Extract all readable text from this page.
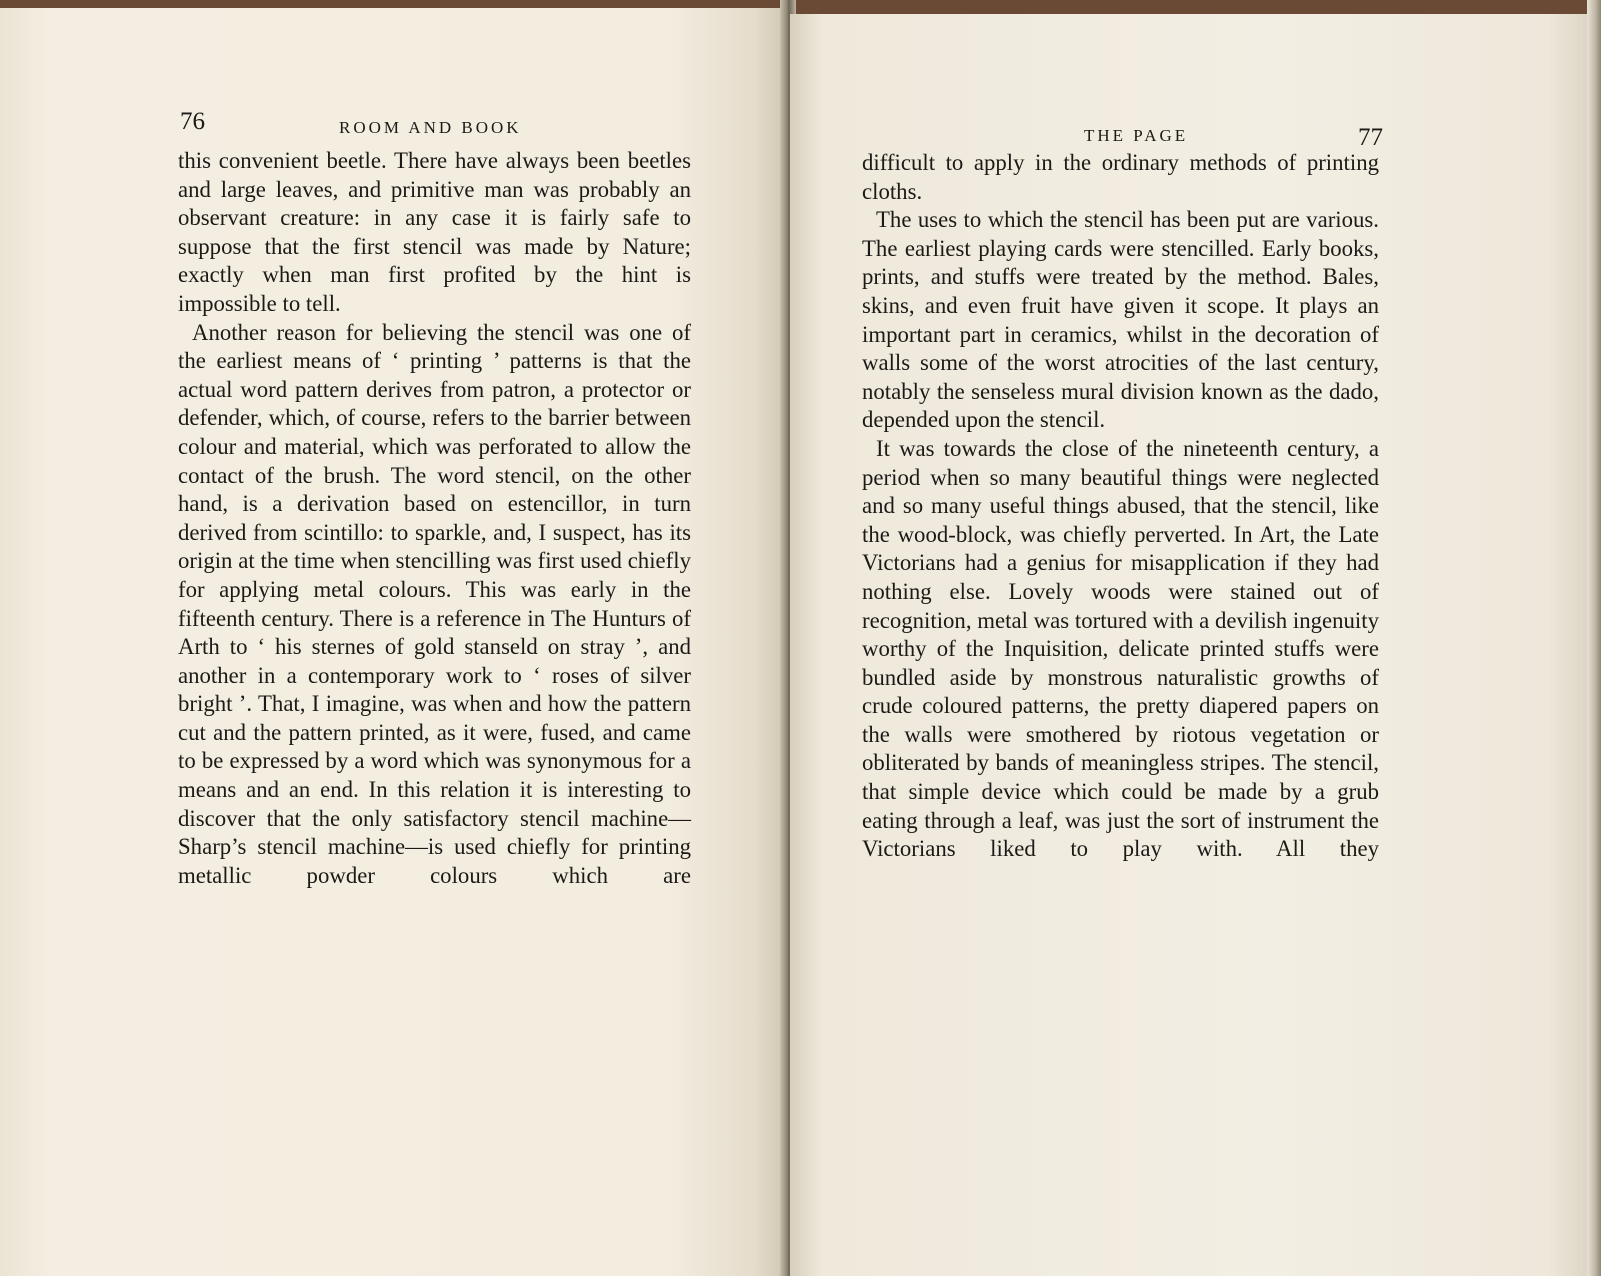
76	ROOM AND BOOK

this convenient beetle. There have always been beetles and large leaves, and primitive man was probably an observant creature: in any case it is fairly safe to suppose that the first stencil was made by Nature; exactly when man first profited by the hint is impossible to tell.

Another reason for believing the stencil was one of the earliest means of ‘ printing ’ patterns is that the actual word pattern derives from patron, a protector or defender, which, of course, refers to the barrier between colour and material, which was perforated to allow the contact of the brush. The word stencil, on the other hand, is a derivation based on estencillor, in turn derived from scintillo: to sparkle, and, I suspect, has its origin at the time when stencilling was first used chiefly for applying metal colours. This was early in the fifteenth century. There is a reference in The Hunturs of Arth to ‘ his sternes of gold stanseld on stray ’, and another in a contemporary work to ‘ roses of silver bright ’. That, I imagine, was when and how the pattern cut and the pattern printed, as it were, fused, and came to be expressed by a word which was synonymous for a means and an end. In this relation it is interesting to discover that the only satisfactory stencil machine—Sharp’s stencil machine—is used chiefly for printing metallic powder colours which are

THE PAGE	77

difficult to apply in the ordinary methods of printing cloths.

The uses to which the stencil has been put are various. The earliest playing cards were stencilled. Early books, prints, and stuffs were treated by the method. Bales, skins, and even fruit have given it scope. It plays an important part in ceramics, whilst in the decoration of walls some of the worst atrocities of the last century, notably the senseless mural division known as the dado, depended upon the stencil.

It was towards the close of the nineteenth century, a period when so many beautiful things were neglected and so many useful things abused, that the stencil, like the wood-block, was chiefly perverted. In Art, the Late Victorians had a genius for misapplication if they had nothing else. Lovely woods were stained out of recognition, metal was tortured with a devilish ingenuity worthy of the Inquisition, delicate printed stuffs were bundled aside by monstrous naturalistic growths of crude coloured patterns, the pretty diapered papers on the walls were smothered by riotous vegetation or obliterated by bands of meaningless stripes. The stencil, that simple device which could be made by a grub eating through a leaf, was just the sort of instrument the Victorians liked to play with. All they
